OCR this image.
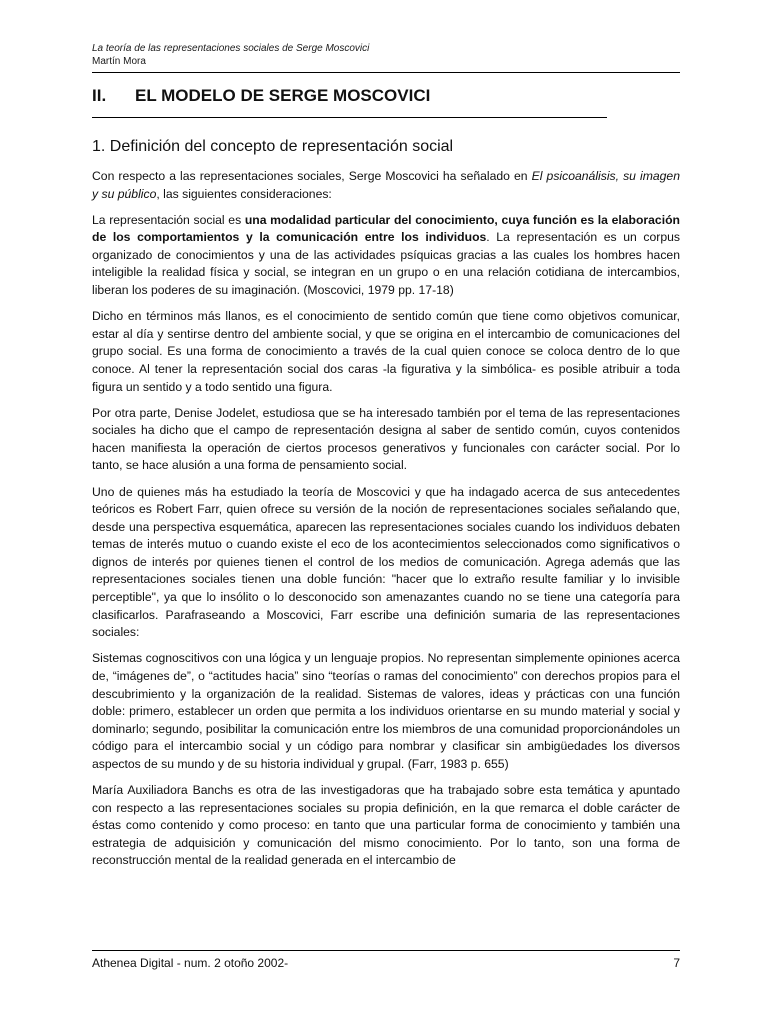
La teoría de las representaciones sociales de Serge Moscovici
Martín Mora
II. EL MODELO DE SERGE MOSCOVICI
1. Definición del concepto de representación social

Con respecto a las representaciones sociales, Serge Moscovici ha señalado en El psicoanálisis, su imagen y su público, las siguientes consideraciones:

La representación social es una modalidad particular del conocimiento, cuya función es la elaboración de los comportamientos y la comunicación entre los individuos. La representación es un corpus organizado de conocimientos y una de las actividades psíquicas gracias a las cuales los hombres hacen inteligible la realidad física y social, se integran en un grupo o en una relación cotidiana de intercambios, liberan los poderes de su imaginación. (Moscovici, 1979 pp. 17-18)

Dicho en términos más llanos, es el conocimiento de sentido común que tiene como objetivos comunicar, estar al día y sentirse dentro del ambiente social, y que se origina en el intercambio de comunicaciones del grupo social. Es una forma de conocimiento a través de la cual quien conoce se coloca dentro de lo que conoce. Al tener la representación social dos caras -la figurativa y la simbólica- es posible atribuir a toda figura un sentido y a todo sentido una figura.

Por otra parte, Denise Jodelet, estudiosa que se ha interesado también por el tema de las representaciones sociales ha dicho que el campo de representación designa al saber de sentido común, cuyos contenidos hacen manifiesta la operación de ciertos procesos generativos y funcionales con carácter social. Por lo tanto, se hace alusión a una forma de pensamiento social.

Uno de quienes más ha estudiado la teoría de Moscovici y que ha indagado acerca de sus antecedentes teóricos es Robert Farr, quien ofrece su versión de la noción de representaciones sociales señalando que, desde una perspectiva esquemática, aparecen las representaciones sociales cuando los individuos debaten temas de interés mutuo o cuando existe el eco de los acontecimientos seleccionados como significativos o dignos de interés por quienes tienen el control de los medios de comunicación. Agrega además que las representaciones sociales tienen una doble función: "hacer que lo extraño resulte familiar y lo invisible perceptible", ya que lo insólito o lo desconocido son amenazantes cuando no se tiene una categoría para clasificarlos. Parafraseando a Moscovici, Farr escribe una definición sumaria de las representaciones sociales:

Sistemas cognoscitivos con una lógica y un lenguaje propios. No representan simplemente opiniones acerca de, “imágenes de”, o “actitudes hacia” sino “teorías o ramas del conocimiento” con derechos propios para el descubrimiento y la organización de la realidad. Sistemas de valores, ideas y prácticas con una función doble: primero, establecer un orden que permita a los individuos orientarse en su mundo material y social y dominarlo; segundo, posibilitar la comunicación entre los miembros de una comunidad proporcionándoles un código para el intercambio social y un código para nombrar y clasificar sin ambigüedades los diversos aspectos de su mundo y de su historia individual y grupal. (Farr, 1983 p. 655)

María Auxiliadora Banchs es otra de las investigadoras que ha trabajado sobre esta temática y apuntado con respecto a las representaciones sociales su propia definición, en la que remarca el doble carácter de éstas como contenido y como proceso: en tanto que una particular forma de conocimiento y también una estrategia de adquisición y comunicación del mismo conocimiento. Por lo tanto, son una forma de reconstrucción mental de la realidad generada en el intercambio de

Athenea Digital - num. 2 otoño 2002-	7
